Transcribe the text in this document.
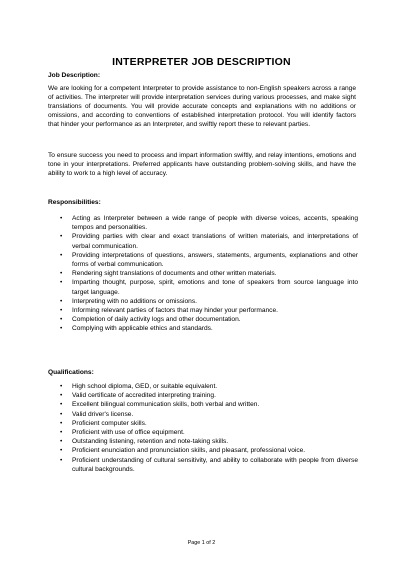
INTERPRETER JOB DESCRIPTION
Job Description:
We are looking for a competent Interpreter to provide assistance to non-English speakers across a range of activities. The interpreter will provide interpretation services during various processes, and make sight translations of documents. You will provide accurate concepts and explanations with no additions or omissions, and according to conventions of established interpretation protocol. You will identify factors that hinder your performance as an Interpreter, and swiftly report these to relevant parties.
To ensure success you need to process and impart information swiftly, and relay intentions, emotions and tone in your interpretations. Preferred applicants have outstanding problem-solving skills, and have the ability to work to a high level of accuracy.
Responsibilities:
• Acting as Interpreter between a wide range of people with diverse voices, accents, speaking tempos and personalities.
• Providing parties with clear and exact translations of written materials, and interpretations of verbal communication.
• Providing interpretations of questions, answers, statements, arguments, explanations and other forms of verbal communication.
• Rendering sight translations of documents and other written materials.
• Imparting thought, purpose, spirit, emotions and tone of speakers from source language into target language.
• Interpreting with no additions or omissions.
• Informing relevant parties of factors that may hinder your performance.
• Completion of daily activity logs and other documentation.
• Complying with applicable ethics and standards.
Qualifications:
• High school diploma, GED, or suitable equivalent.
• Valid certificate of accredited interpreting training.
• Excellent bilingual communication skills, both verbal and written.
• Valid driver's license.
• Proficient computer skills.
• Proficient with use of office equipment.
• Outstanding listening, retention and note-taking skills.
• Proficient enunciation and pronunciation skills, and pleasant, professional voice.
• Proficient understanding of cultural sensitivity, and ability to collaborate with people from diverse cultural backgrounds.
Page 1 of 2
